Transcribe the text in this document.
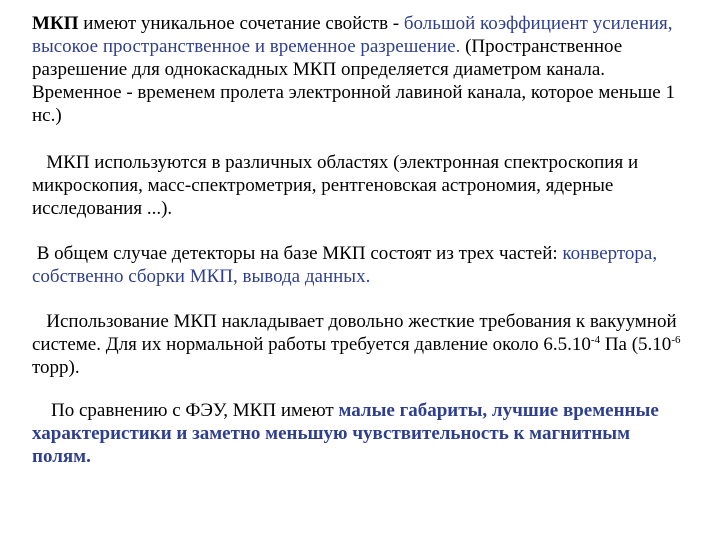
МКП имеют уникальное сочетание свойств - большой коэффициент усиления, высокое пространственное и временное разрешение. (Пространственное разрешение для однокаскадных МКП определяется диаметром канала. Временное - временем пролета электронной лавиной канала, которое меньше 1 нс.)

МКП используются в различных областях (электронная спектроскопия и микроскопия, масс-спектрометрия, рентгеновская астрономия, ядерные исследования ...).

В общем случае детекторы на базе МКП состоят из трех частей: конвертора, собственно сборки МКП, вывода данных.

Использование МКП накладывает довольно жесткие требования к вакуумной системе. Для их нормальной работы требуется давление около $6.5.10^{-4}$ Па ($5.10^{-6}$ торр).

По сравнению с ФЭУ, МКП имеют малые габариты, лучшие временные характеристики и заметно меньшую чувствительность к магнитным полям.
